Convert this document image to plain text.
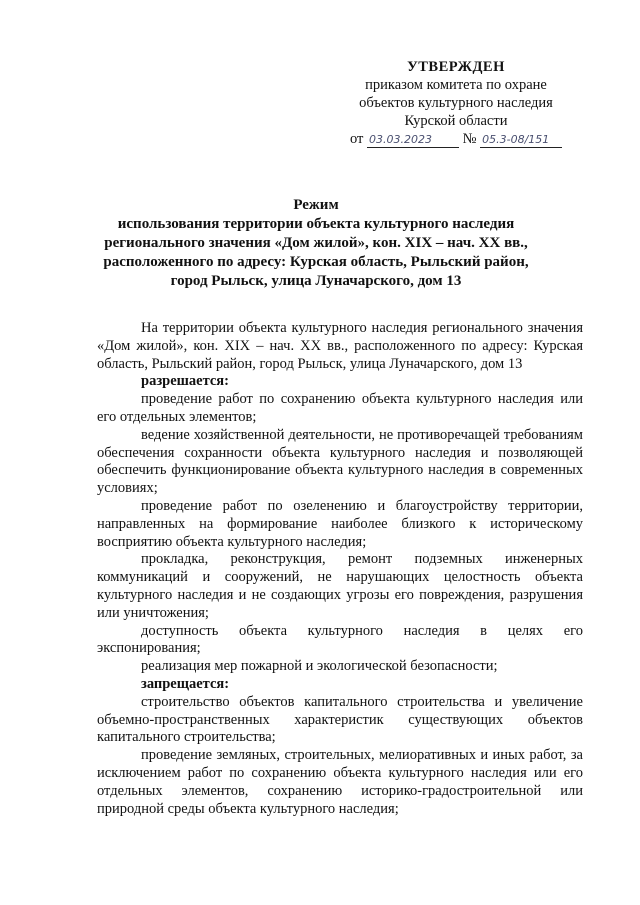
УТВЕРЖДЕН
приказом комитета по охране
объектов культурного наследия
Курской области
от 03.03.2023 № 05.3-08/151
Режим
использования территории объекта культурного наследия
регионального значения «Дом жилой», кон. XIX – нач. XX вв.,
расположенного по адресу: Курская область, Рыльский район,
город Рыльск, улица Луначарского, дом 13

На территории объекта культурного наследия регионального значения «Дом жилой», кон. XIX – нач. XX вв., расположенного по адресу: Курская область, Рыльский район, город Рыльск, улица Луначарского, дом 13

разрешается:

проведение работ по сохранению объекта культурного наследия или его отдельных элементов;

ведение хозяйственной деятельности, не противоречащей требованиям обеспечения сохранности объекта культурного наследия и позволяющей обеспечить функционирование объекта культурного наследия в современных условиях;

проведение работ по озеленению и благоустройству территории, направленных на формирование наиболее близкого к историческому восприятию объекта культурного наследия;

прокладка, реконструкция, ремонт подземных инженерных коммуникаций и сооружений, не нарушающих целостность объекта культурного наследия и не создающих угрозы его повреждения, разрушения или уничтожения;

доступность объекта культурного наследия в целях его экспонирования;

реализация мер пожарной и экологической безопасности;

запрещается:

строительство объектов капитального строительства и увеличение объемно-пространственных характеристик существующих объектов капитального строительства;

проведение земляных, строительных, мелиоративных и иных работ, за исключением работ по сохранению объекта культурного наследия или его отдельных элементов, сохранению историко-градостроительной или природной среды объекта культурного наследия;
